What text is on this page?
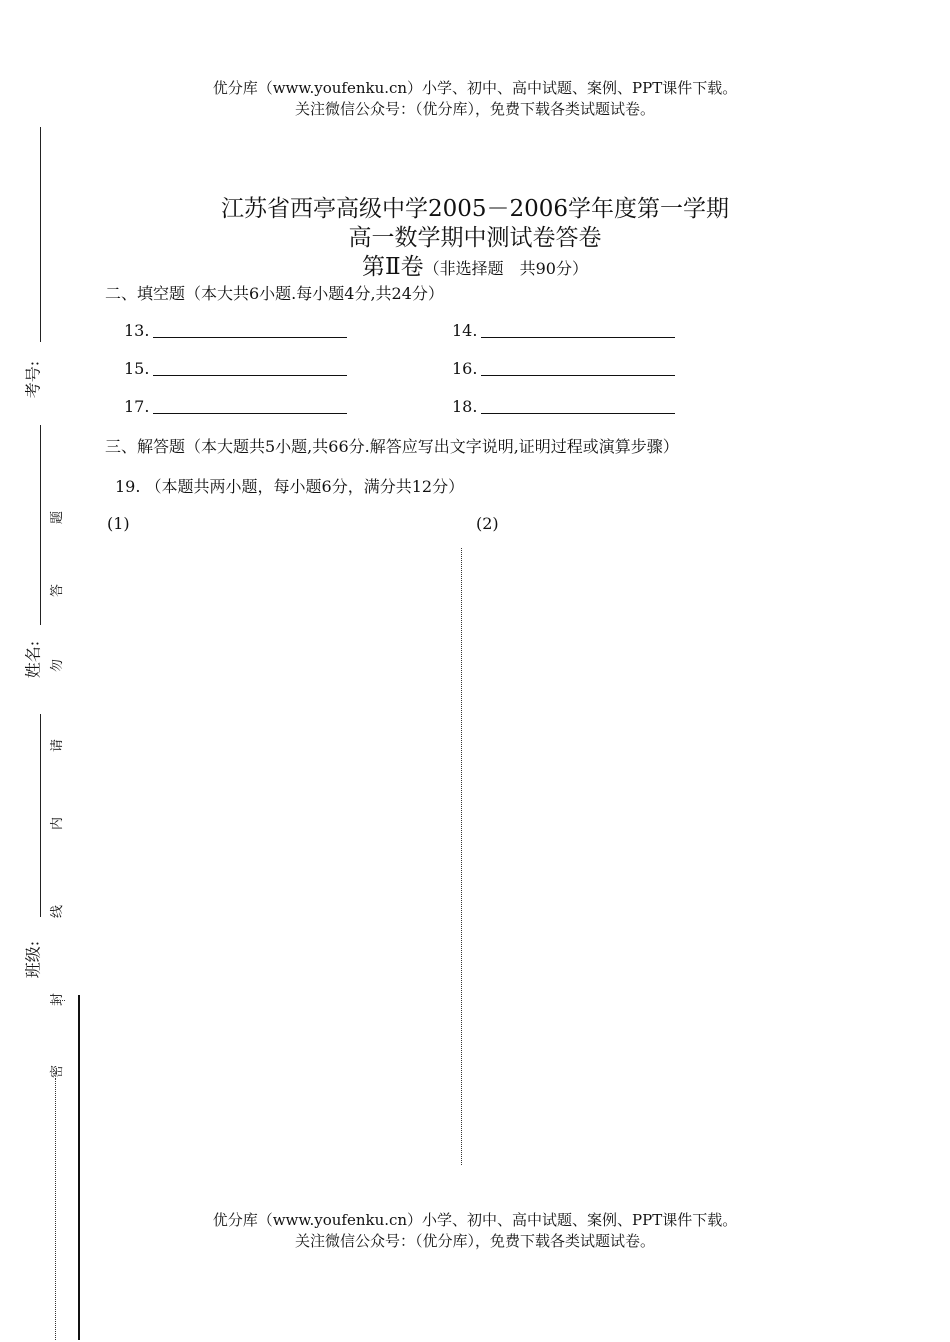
优分库（www.youfenku.cn）小学、初中、高中试题、案例、PPT课件下载。
关注微信公众号：（优分库），免费下载各类试题试卷。
江苏省西亭高级中学2005－2006学年度第一学期
高一数学期中测试卷答卷
第Ⅱ卷（非选择题　共90分）
二、填空题（本大共6小题.每小题4分,共24分）
13.	14.
15.	16.
17.	18.
三、解答题（本大题共5小题,共66分.解答应写出文字说明,证明过程或演算步骤）
19. （本题共两小题，每小题6分，满分共12分）
(1)	(2)
考号:
姓名:
班级:
题
答
勿
请
内
线
封
密
优分库（www.youfenku.cn）小学、初中、高中试题、案例、PPT课件下载。
关注微信公众号：（优分库），免费下载各类试题试卷。
